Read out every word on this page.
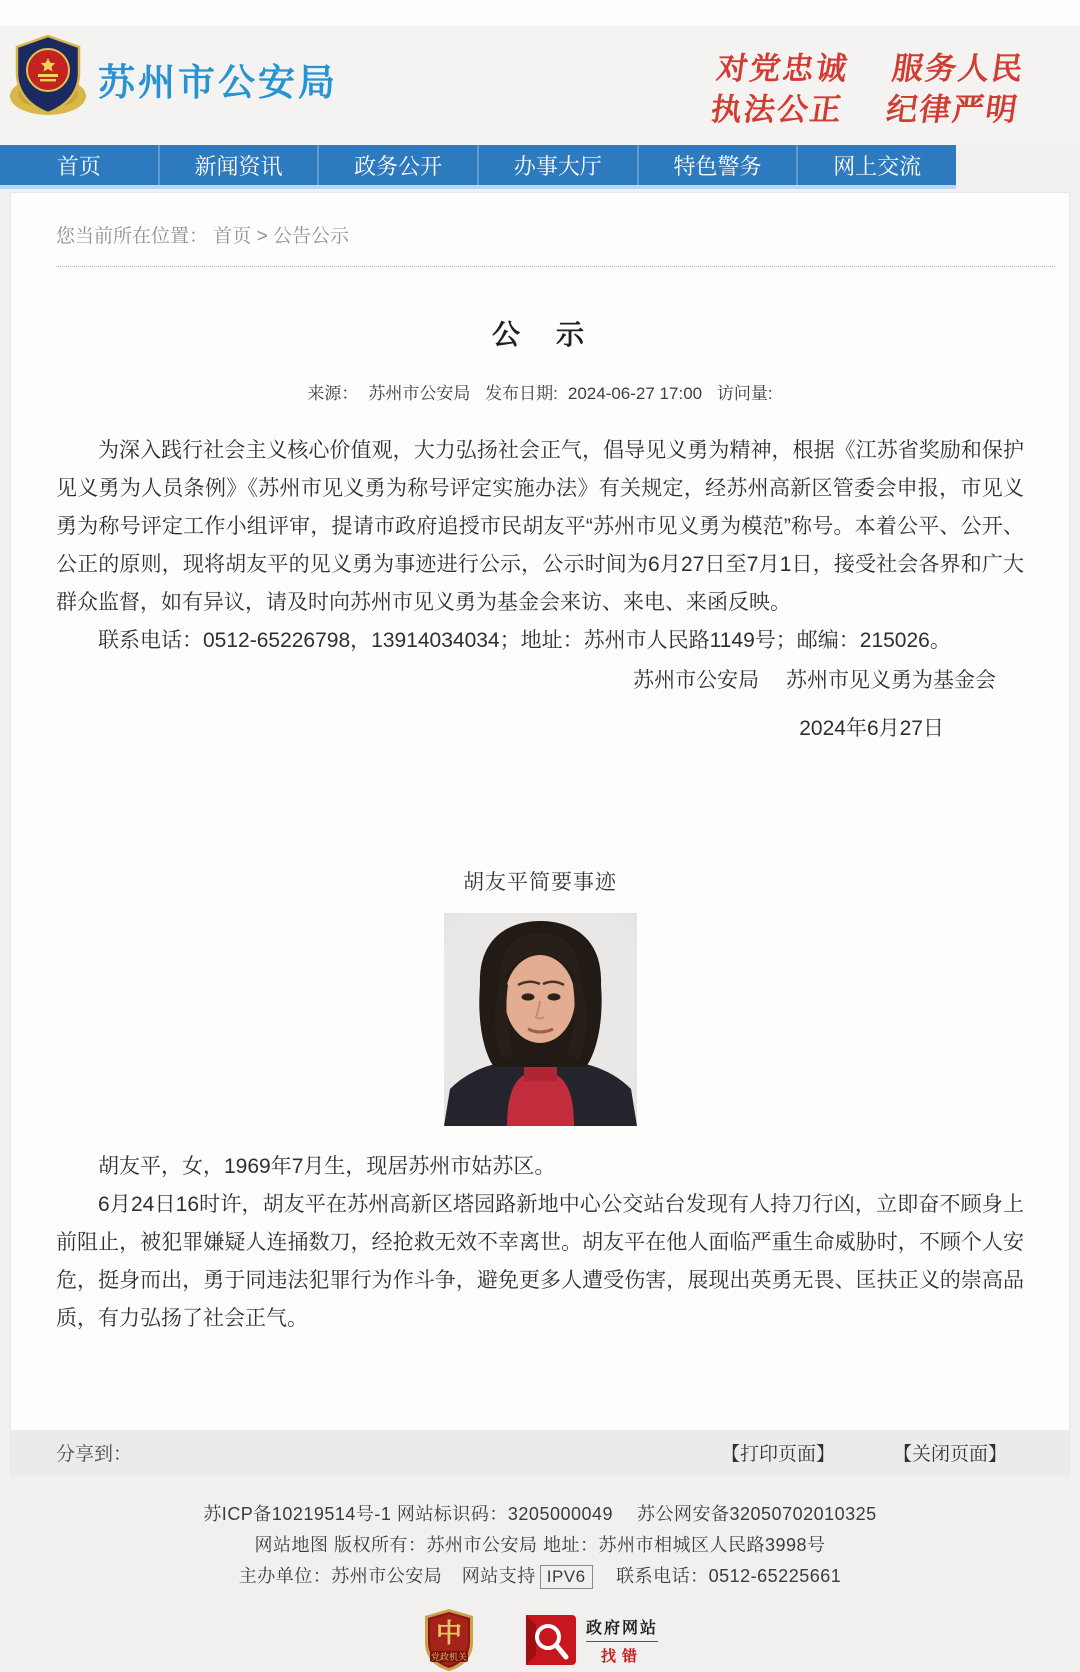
苏州市公安局	对党忠诚　 服务人民
执法公正　 纪律严明
首页	新闻资讯	政务公开	办事大厅	特色警务	网上交流
您当前所在位置： 首页 > 公告公示
公　示
来源： 苏州市公安局 发布日期: 2024-06-27 17:00 访问量:

为深入践行社会主义核心价值观，大力弘扬社会正气，倡导见义勇为精神，根据《江苏省奖励和保护见义勇为人员条例》《苏州市见义勇为称号评定实施办法》有关规定，经苏州高新区管委会申报，市见义勇为称号评定工作小组评审，提请市政府追授市民胡友平“苏州市见义勇为模范”称号。本着公平、公开、公正的原则，现将胡友平的见义勇为事迹进行公示，公示时间为6月27日至7月1日，接受社会各界和广大群众监督，如有异议，请及时向苏州市见义勇为基金会来访、来电、来函反映。

联系电话：0512-65226798，13914034034；地址：苏州市人民路1149号；邮编：215026。

苏州市公安局　 苏州市见义勇为基金会
2024年6月27日
胡友平简要事迹

胡友平，女，1969年7月生，现居苏州市姑苏区。

6月24日16时许，胡友平在苏州高新区塔园路新地中心公交站台发现有人持刀行凶，立即奋不顾身上前阻止，被犯罪嫌疑人连捅数刀，经抢救无效不幸离世。胡友平在他人面临严重生命威胁时，不顾个人安危，挺身而出，勇于同违法犯罪行为作斗争，避免更多人遭受伤害，展现出英勇无畏、匡扶正义的崇高品质，有力弘扬了社会正气。

分享到：	【打印页面】	【关闭页面】
苏ICP备10219514号-1 网站标识码：3205000049　 苏公网安备32050702010325
网站地图 版权所有：苏州市公安局 地址：苏州市相城区人民路3998号
主办单位：苏州市公安局 网站支持 IPV6 联系电话：0512-65225661
中
党政机关
政府网站
找错
